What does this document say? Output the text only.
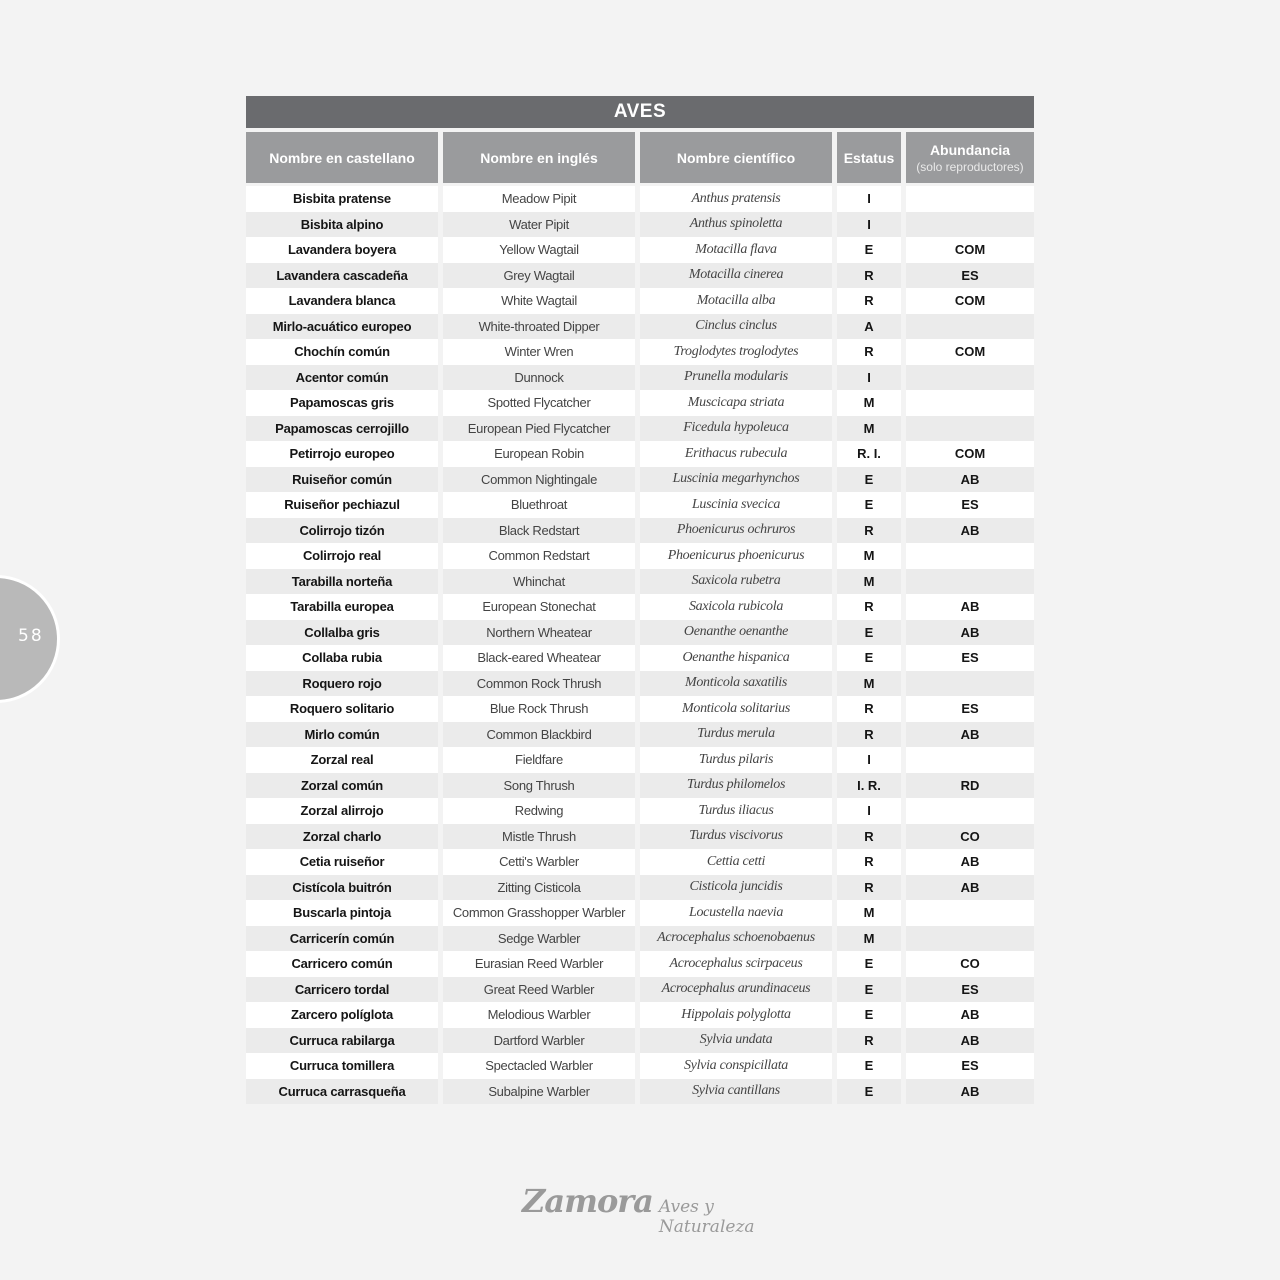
58
AVES
Nombre en castellano	Nombre en inglés	Nombre científico	Estatus	Abundancia
(solo reproductores)
Bisbita pratense	Meadow Pipit	Anthus pratensis	I
Bisbita alpino	Water Pipit	Anthus spinoletta	I
Lavandera boyera	Yellow Wagtail	Motacilla flava	E	COM
Lavandera cascadeña	Grey Wagtail	Motacilla cinerea	R	ES
Lavandera blanca	White Wagtail	Motacilla alba	R	COM
Mirlo-acuático europeo	White-throated Dipper	Cinclus cinclus	A
Chochín común	Winter Wren	Troglodytes troglodytes	R	COM
Acentor común	Dunnock	Prunella modularis	I
Papamoscas gris	Spotted Flycatcher	Muscicapa striata	M
Papamoscas cerrojillo	European Pied Flycatcher	Ficedula hypoleuca	M
Petirrojo europeo	European Robin	Erithacus rubecula	R. I.	COM
Ruiseñor común	Common Nightingale	Luscinia megarhynchos	E	AB
Ruiseñor pechiazul	Bluethroat	Luscinia svecica	E	ES
Colirrojo tizón	Black Redstart	Phoenicurus ochruros	R	AB
Colirrojo real	Common Redstart	Phoenicurus phoenicurus	M
Tarabilla norteña	Whinchat	Saxicola rubetra	M
Tarabilla europea	European Stonechat	Saxicola rubicola	R	AB
Collalba gris	Northern Wheatear	Oenanthe oenanthe	E	AB
Collaba rubia	Black-eared Wheatear	Oenanthe hispanica	E	ES
Roquero rojo	Common Rock Thrush	Monticola saxatilis	M
Roquero solitario	Blue Rock Thrush	Monticola solitarius	R	ES
Mirlo común	Common Blackbird	Turdus merula	R	AB
Zorzal real	Fieldfare	Turdus pilaris	I
Zorzal común	Song Thrush	Turdus philomelos	I. R.	RD
Zorzal alirrojo	Redwing	Turdus iliacus	I
Zorzal charlo	Mistle Thrush	Turdus viscivorus	R	CO
Cetia ruiseñor	Cetti's Warbler	Cettia cetti	R	AB
Cistícola buitrón	Zitting Cisticola	Cisticola juncidis	R	AB
Buscarla pintoja	Common Grasshopper Warbler	Locustella naevia	M
Carricerín común	Sedge Warbler	Acrocephalus schoenobaenus	M
Carricero común	Eurasian Reed Warbler	Acrocephalus scirpaceus	E	CO
Carricero tordal	Great Reed Warbler	Acrocephalus arundinaceus	E	ES
Zarcero políglota	Melodious Warbler	Hippolais polyglotta	E	AB
Curruca rabilarga	Dartford Warbler	Sylvia undata	R	AB
Curruca tomillera	Spectacled Warbler	Sylvia conspicillata	E	ES
Curruca carrasqueña	Subalpine Warbler	Sylvia cantillans	E	AB
Zamora Aves y Naturaleza
